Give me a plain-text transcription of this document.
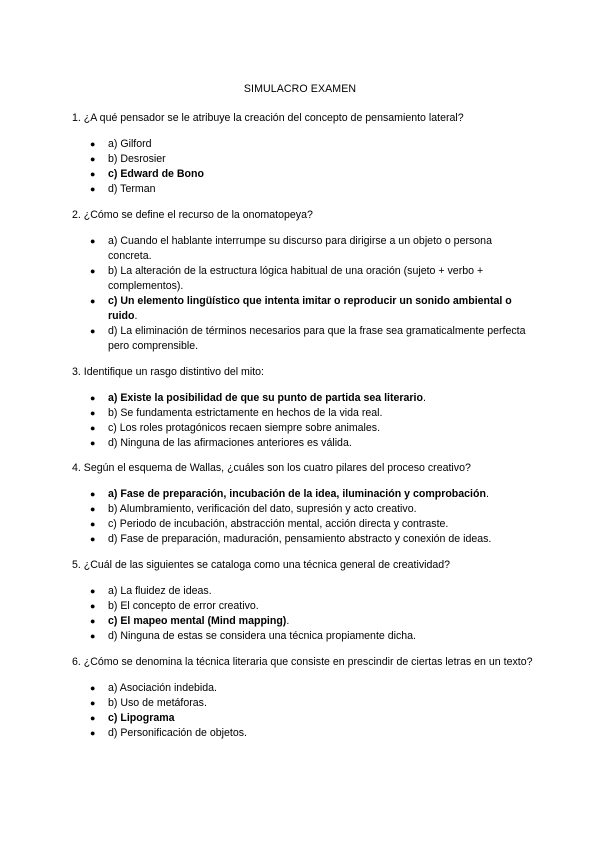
SIMULACRO EXAMEN
1. ¿A qué pensador se le atribuye la creación del concepto de pensamiento lateral?
● a) Gilford
● b) Desrosier
● c) Edward de Bono
● d) Terman
2. ¿Cómo se define el recurso de la onomatopeya?
● a) Cuando el hablante interrumpe su discurso para dirigirse a un objeto o persona concreta.
● b) La alteración de la estructura lógica habitual de una oración (sujeto + verbo + complementos).
● c) Un elemento lingüístico que intenta imitar o reproducir un sonido ambiental o ruido.
● d) La eliminación de términos necesarios para que la frase sea gramaticalmente perfecta pero comprensible.
3. Identifique un rasgo distintivo del mito:
● a) Existe la posibilidad de que su punto de partida sea literario.
● b) Se fundamenta estrictamente en hechos de la vida real.
● c) Los roles protagónicos recaen siempre sobre animales.
● d) Ninguna de las afirmaciones anteriores es válida.
4. Según el esquema de Wallas, ¿cuáles son los cuatro pilares del proceso creativo?
● a) Fase de preparación, incubación de la idea, iluminación y comprobación.
● b) Alumbramiento, verificación del dato, supresión y acto creativo.
● c) Periodo de incubación, abstracción mental, acción directa y contraste.
● d) Fase de preparación, maduración, pensamiento abstracto y conexión de ideas.
5. ¿Cuál de las siguientes se cataloga como una técnica general de creatividad?
● a) La fluidez de ideas.
● b) El concepto de error creativo.
● c) El mapeo mental (Mind mapping).
● d) Ninguna de estas se considera una técnica propiamente dicha.
6. ¿Cómo se denomina la técnica literaria que consiste en prescindir de ciertas letras en un texto?
● a) Asociación indebida.
● b) Uso de metáforas.
● c) Lipograma
● d) Personificación de objetos.
